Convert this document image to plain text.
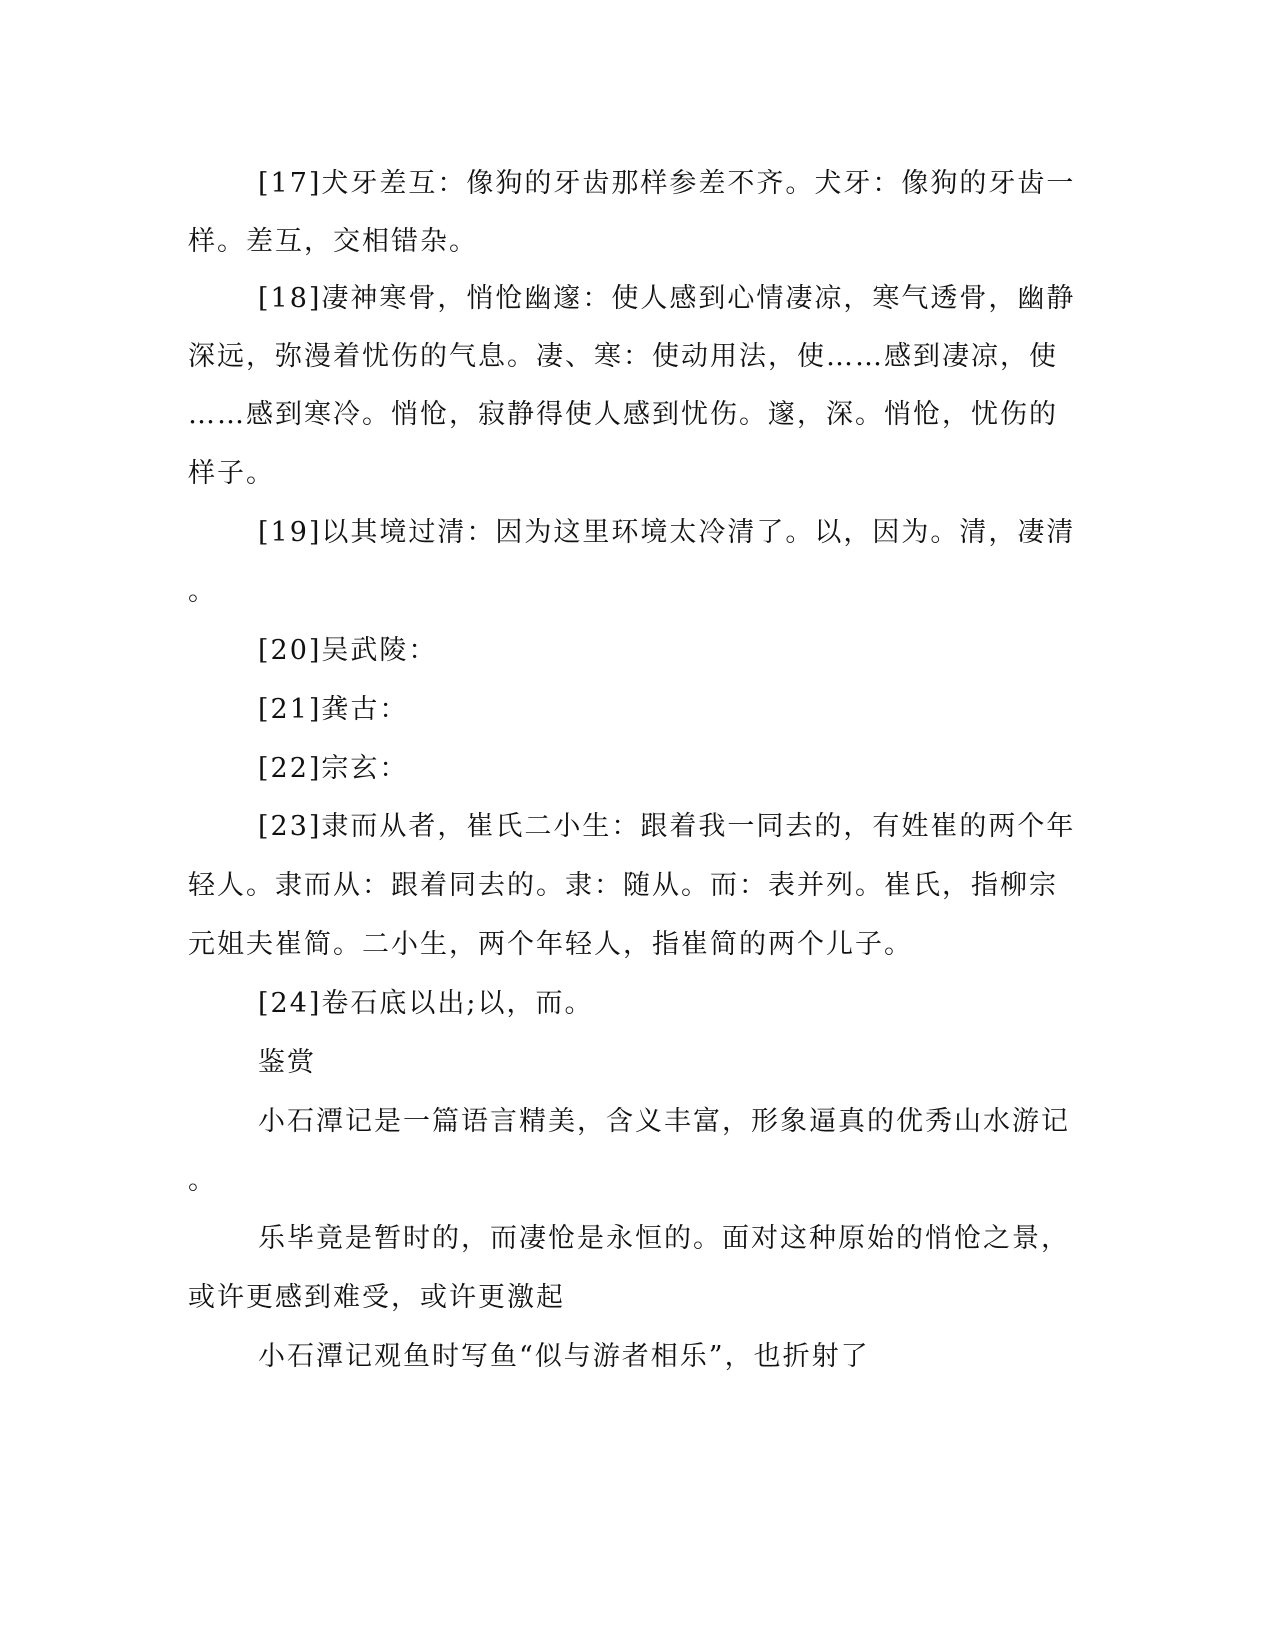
[17]犬牙差互：像狗的牙齿那样参差不齐。犬牙：像狗的牙齿一
样。差互，交相错杂。
[18]凄神寒骨，悄怆幽邃：使人感到心情凄凉，寒气透骨，幽静
深远，弥漫着忧伤的气息。凄、寒：使动用法，使……感到凄凉，使
……感到寒冷。悄怆，寂静得使人感到忧伤。邃，深。悄怆，忧伤的
样子。
[19]以其境过清：因为这里环境太冷清了。以，因为。清，凄清
。
[20]吴武陵：
[21]龚古：
[22]宗玄：
[23]隶而从者，崔氏二小生：跟着我一同去的，有姓崔的两个年
轻人。隶而从：跟着同去的。隶：随从。而：表并列。崔氏，指柳宗
元姐夫崔简。二小生，两个年轻人，指崔简的两个儿子。
[24]卷石底以出;以，而。
鉴赏
小石潭记是一篇语言精美，含义丰富，形象逼真的优秀山水游记
。
乐毕竟是暂时的，而凄怆是永恒的。面对这种原始的悄怆之景，
或许更感到难受，或许更激起
小石潭记观鱼时写鱼“似与游者相乐”，也折射了
